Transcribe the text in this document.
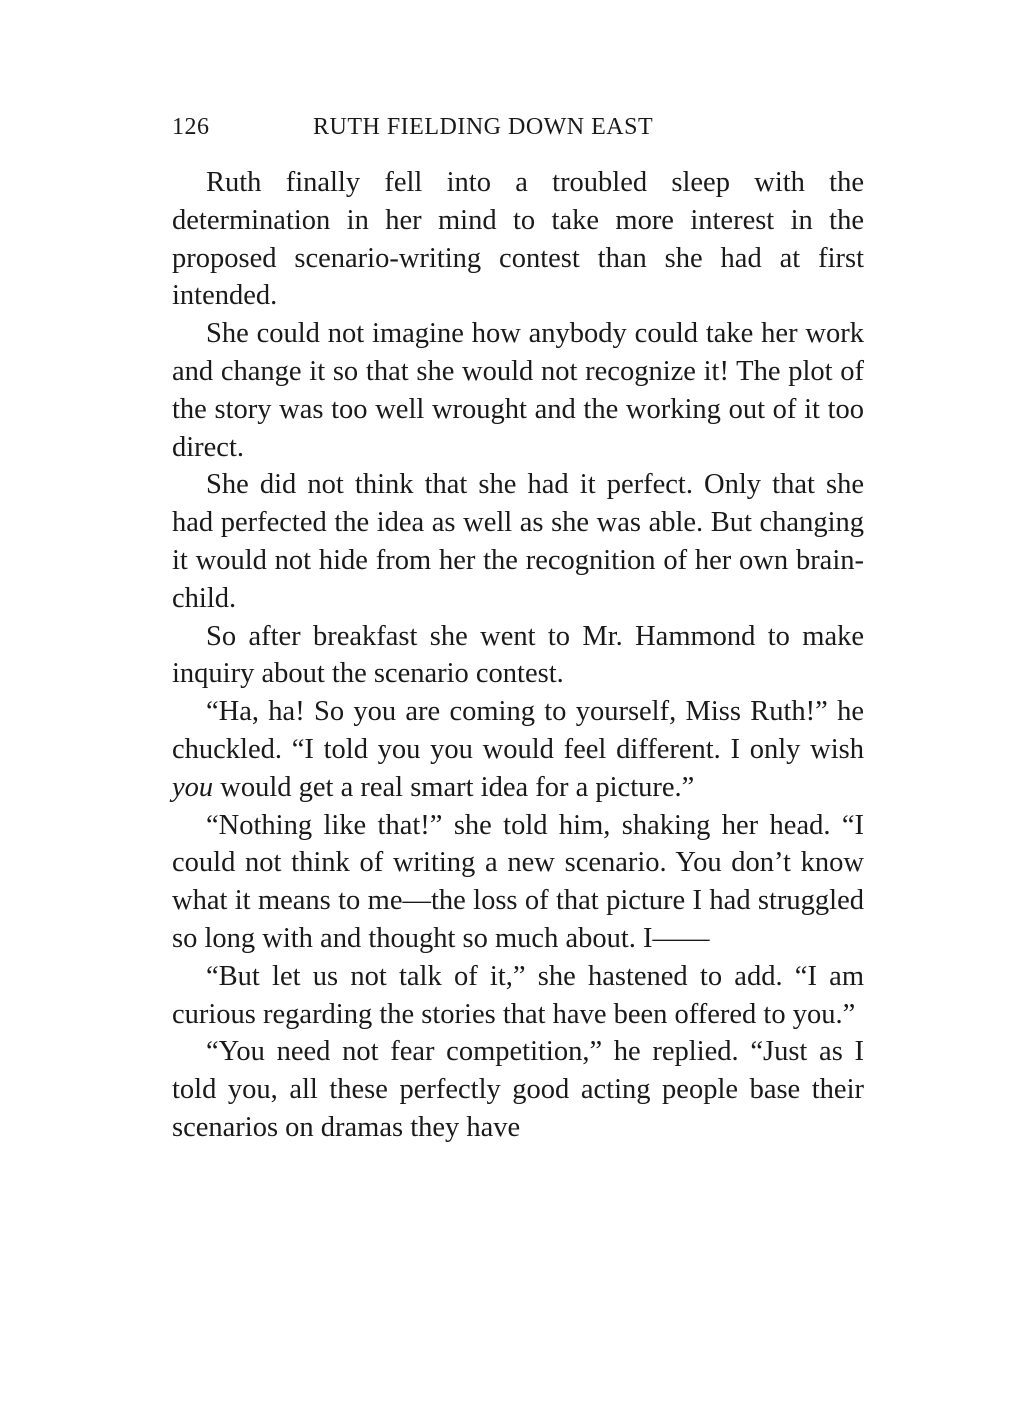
126	RUTH FIELDING DOWN EAST

Ruth finally fell into a troubled sleep with the determination in her mind to take more interest in the proposed scenario-writing contest than she had at first intended.

She could not imagine how anybody could take her work and change it so that she would not recognize it! The plot of the story was too well wrought and the working out of it too direct.

She did not think that she had it perfect. Only that she had perfected the idea as well as she was able. But changing it would not hide from her the recognition of her own brain-child.

So after breakfast she went to Mr. Hammond to make inquiry about the scenario contest.

“Ha, ha! So you are coming to yourself, Miss Ruth!” he chuckled. “I told you you would feel different. I only wish you would get a real smart idea for a picture.”

“Nothing like that!” she told him, shaking her head. “I could not think of writing a new scenario. You don’t know what it means to me—the loss of that picture I had struggled so long with and thought so much about. I——

“But let us not talk of it,” she hastened to add. “I am curious regarding the stories that have been offered to you.”

“You need not fear competition,” he replied. “Just as I told you, all these perfectly good acting people base their scenarios on dramas they have
